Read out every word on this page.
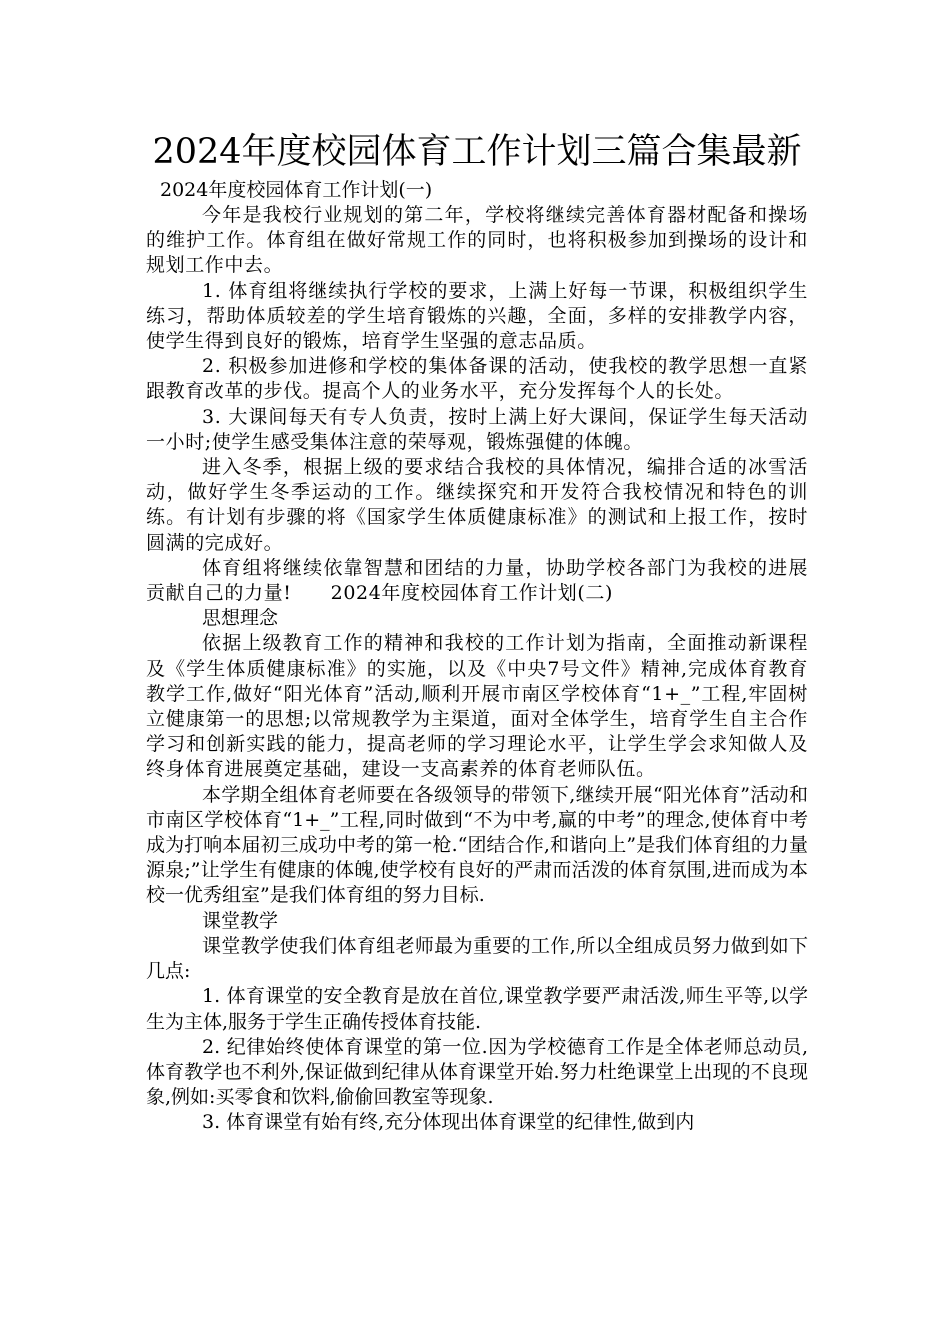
2024年度校园体育工作计划三篇合集最新

2024年度校园体育工作计划(一)

今年是我校行业规划的第二年，学校将继续完善体育器材配备和操场的维护工作。体育组在做好常规工作的同时，也将积极参加到操场的设计和规划工作中去。

1. 体育组将继续执行学校的要求，上满上好每一节课，积极组织学生练习，帮助体质较差的学生培育锻炼的兴趣，全面，多样的安排教学内容，使学生得到良好的锻炼，培育学生坚强的意志品质。

2. 积极参加进修和学校的集体备课的活动，使我校的教学思想一直紧跟教育改革的步伐。提高个人的业务水平，充分发挥每个人的长处。

3. 大课间每天有专人负责，按时上满上好大课间，保证学生每天活动一小时;使学生感受集体注意的荣辱观，锻炼强健的体魄。

进入冬季，根据上级的要求结合我校的具体情况，编排合适的冰雪活动，做好学生冬季运动的工作。继续探究和开发符合我校情况和特色的训练。有计划有步骤的将《国家学生体质健康标准》的测试和上报工作，按时圆满的完成好。

体育组将继续依靠智慧和团结的力量，协助学校各部门为我校的进展贡献自己的力量!　　2024年度校园体育工作计划(二)

思想理念

依据上级教育工作的精神和我校的工作计划为指南，全面推动新课程及《学生体质健康标准》的实施，以及《中央7号文件》精神,完成体育教育教学工作,做好“阳光体育”活动,顺利开展市南区学校体育“1+_”工程,牢固树立健康第一的思想;以常规教学为主渠道，面对全体学生，培育学生自主合作学习和创新实践的能力，提高老师的学习理论水平，让学生学会求知做人及终身体育进展奠定基础，建设一支高素养的体育老师队伍。

本学期全组体育老师要在各级领导的带领下,继续开展“阳光体育”活动和市南区学校体育“1+_”工程,同时做到“不为中考,赢的中考”的理念,使体育中考成为打响本届初三成功中考的第一枪.“团结合作,和谐向上”是我们体育组的力量源泉;”让学生有健康的体魄,使学校有良好的严肃而活泼的体育氛围,进而成为本校一优秀组室”是我们体育组的努力目标.

课堂教学

课堂教学使我们体育组老师最为重要的工作,所以全组成员努力做到如下几点:

1. 体育课堂的安全教育是放在首位,课堂教学要严肃活泼,师生平等,以学生为主体,服务于学生正确传授体育技能.

2. 纪律始终使体育课堂的第一位.因为学校德育工作是全体老师总动员,体育教学也不利外,保证做到纪律从体育课堂开始.努力杜绝课堂上出现的不良现象,例如:买零食和饮料,偷偷回教室等现象.

3. 体育课堂有始有终,充分体现出体育课堂的纪律性,做到内
